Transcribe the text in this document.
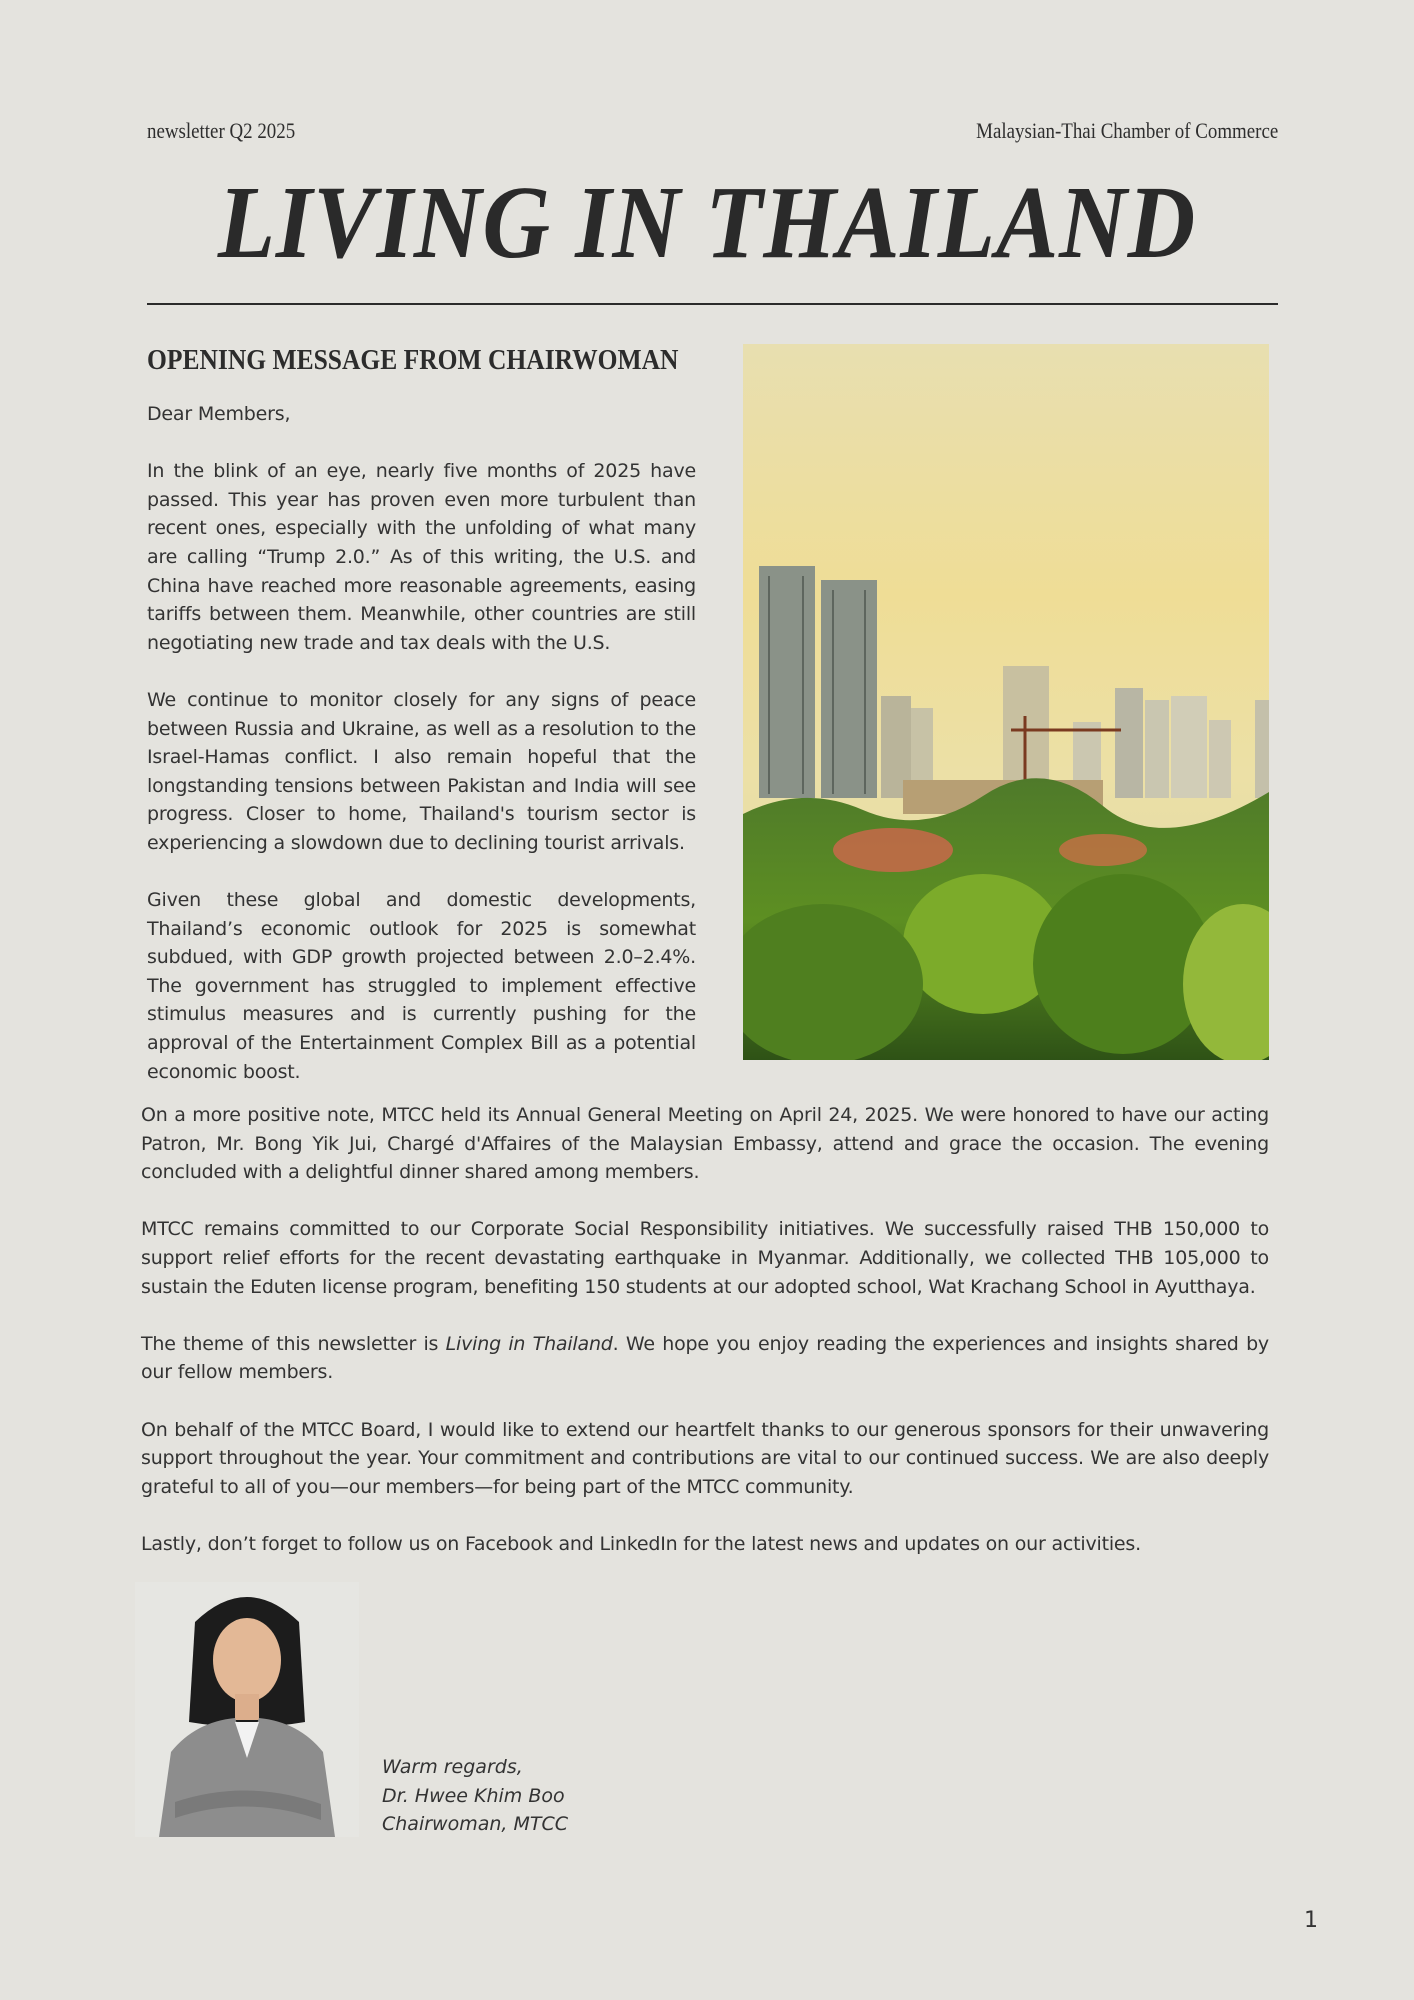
newsletter Q2 2025	Malaysian-Thai Chamber of Commerce
LIVING IN THAILAND
OPENING MESSAGE FROM CHAIRWOMAN

Dear Members,

In the blink of an eye, nearly five months of 2025 have passed. This year has proven even more turbulent than recent ones, especially with the unfolding of what many are calling “Trump 2.0.” As of this writing, the U.S. and China have reached more reasonable agreements, easing tariffs between them. Meanwhile, other countries are still negotiating new trade and tax deals with the U.S.

We continue to monitor closely for any signs of peace between Russia and Ukraine, as well as a resolution to the Israel-Hamas conflict. I also remain hopeful that the longstanding tensions between Pakistan and India will see progress. Closer to home, Thailand's tourism sector is experiencing a slowdown due to declining tourist arrivals.

Given these global and domestic developments, Thailand’s economic outlook for 2025 is somewhat subdued, with GDP growth projected between 2.0–2.4%. The government has struggled to implement effective stimulus measures and is currently pushing for the approval of the Entertainment Complex Bill as a potential economic boost.

On a more positive note, MTCC held its Annual General Meeting on April 24, 2025. We were honored to have our acting Patron, Mr. Bong Yik Jui, Chargé d'Affaires of the Malaysian Embassy, attend and grace the occasion. The evening concluded with a delightful dinner shared among members.

MTCC remains committed to our Corporate Social Responsibility initiatives. We successfully raised THB 150,000 to support relief efforts for the recent devastating earthquake in Myanmar. Additionally, we collected THB 105,000 to sustain the Eduten license program, benefiting 150 students at our adopted school, Wat Krachang School in Ayutthaya.

The theme of this newsletter is Living in Thailand. We hope you enjoy reading the experiences and insights shared by our fellow members.

On behalf of the MTCC Board, I would like to extend our heartfelt thanks to our generous sponsors for their unwavering support throughout the year. Your commitment and contributions are vital to our continued success. We are also deeply grateful to all of you—our members—for being part of the MTCC community.

Lastly, don’t forget to follow us on Facebook and LinkedIn for the latest news and updates on our activities.

Warm regards,
Dr. Hwee Khim Boo
Chairwoman, MTCC
1
